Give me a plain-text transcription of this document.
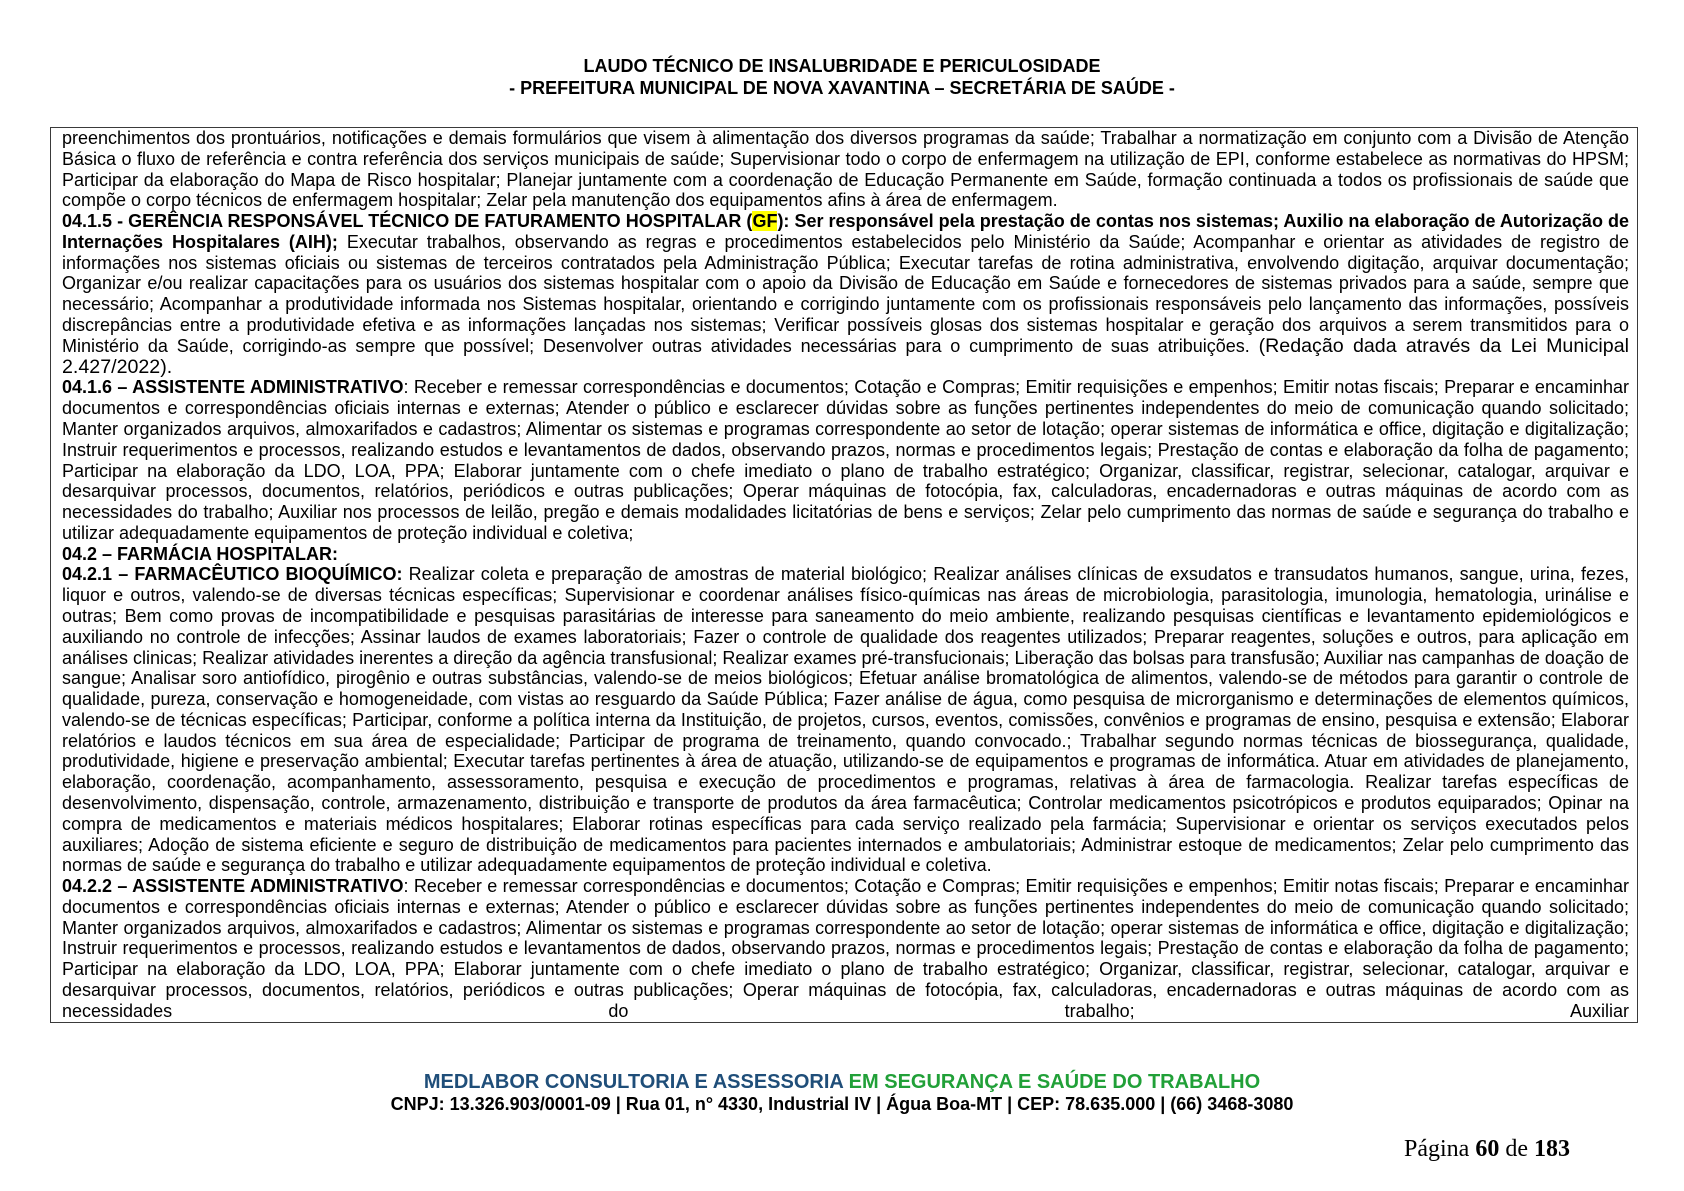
LAUDO TÉCNICO DE INSALUBRIDADE E PERICULOSIDADE
- PREFEITURA MUNICIPAL DE NOVA XAVANTINA – SECRETÁRIA DE SAÚDE -

preenchimentos dos prontuários, notificações e demais formulários que visem à alimentação dos diversos programas da saúde; Trabalhar a normatização em conjunto com a Divisão de Atenção Básica o fluxo de referência e contra referência dos serviços municipais de saúde; Supervisionar todo o corpo de enfermagem na utilização de EPI, conforme estabelece as normativas do HPSM; Participar da elaboração do Mapa de Risco hospitalar; Planejar juntamente com a coordenação de Educação Permanente em Saúde, formação continuada a todos os profissionais de saúde que compõe o corpo técnicos de enfermagem hospitalar; Zelar pela manutenção dos equipamentos afins à área de enfermagem.

04.1.5 - GERÊNCIA RESPONSÁVEL TÉCNICO DE FATURAMENTO HOSPITALAR (GF): Ser responsável pela prestação de contas nos sistemas; Auxilio na elaboração de Autorização de Internações Hospitalares (AIH); Executar trabalhos, observando as regras e procedimentos estabelecidos pelo Ministério da Saúde; Acompanhar e orientar as atividades de registro de informações nos sistemas oficiais ou sistemas de terceiros contratados pela Administração Pública; Executar tarefas de rotina administrativa, envolvendo digitação, arquivar documentação; Organizar e/ou realizar capacitações para os usuários dos sistemas hospitalar com o apoio da Divisão de Educação em Saúde e fornecedores de sistemas privados para a saúde, sempre que necessário; Acompanhar a produtividade informada nos Sistemas hospitalar, orientando e corrigindo juntamente com os profissionais responsáveis pelo lançamento das informações, possíveis discrepâncias entre a produtividade efetiva e as informações lançadas nos sistemas; Verificar possíveis glosas dos sistemas hospitalar e geração dos arquivos a serem transmitidos para o Ministério da Saúde, corrigindo-as sempre que possível; Desenvolver outras atividades necessárias para o cumprimento de suas atribuições. (Redação dada através da Lei Municipal 2.427/2022).

04.1.6 – ASSISTENTE ADMINISTRATIVO: Receber e remessar correspondências e documentos; Cotação e Compras; Emitir requisições e empenhos; Emitir notas fiscais; Preparar e encaminhar documentos e correspondências oficiais internas e externas; Atender o público e esclarecer dúvidas sobre as funções pertinentes independentes do meio de comunicação quando solicitado; Manter organizados arquivos, almoxarifados e cadastros; Alimentar os sistemas e programas correspondente ao setor de lotação; operar sistemas de informática e office, digitação e digitalização; Instruir requerimentos e processos, realizando estudos e levantamentos de dados, observando prazos, normas e procedimentos legais; Prestação de contas e elaboração da folha de pagamento; Participar na elaboração da LDO, LOA, PPA; Elaborar juntamente com o chefe imediato o plano de trabalho estratégico; Organizar, classificar, registrar, selecionar, catalogar, arquivar e desarquivar processos, documentos, relatórios, periódicos e outras publicações; Operar máquinas de fotocópia, fax, calculadoras, encadernadoras e outras máquinas de acordo com as necessidades do trabalho; Auxiliar nos processos de leilão, pregão e demais modalidades licitatórias de bens e serviços; Zelar pelo cumprimento das normas de saúde e segurança do trabalho e utilizar adequadamente equipamentos de proteção individual e coletiva;

04.2 – FARMÁCIA HOSPITALAR:

04.2.1 – FARMACÊUTICO BIOQUÍMICO: Realizar coleta e preparação de amostras de material biológico; Realizar análises clínicas de exsudatos e transudatos humanos, sangue, urina, fezes, liquor e outros, valendo-se de diversas técnicas específicas; Supervisionar e coordenar análises físico-químicas nas áreas de microbiologia, parasitologia, imunologia, hematologia, urinálise e outras; Bem como provas de incompatibilidade e pesquisas parasitárias de interesse para saneamento do meio ambiente, realizando pesquisas científicas e levantamento epidemiológicos e auxiliando no controle de infecções; Assinar laudos de exames laboratoriais; Fazer o controle de qualidade dos reagentes utilizados; Preparar reagentes, soluções e outros, para aplicação em análises clinicas; Realizar atividades inerentes a direção da agência transfusional; Realizar exames pré-transfucionais; Liberação das bolsas para transfusão; Auxiliar nas campanhas de doação de sangue; Analisar soro antiofídico, pirogênio e outras substâncias, valendo-se de meios biológicos; Efetuar análise bromatológica de alimentos, valendo-se de métodos para garantir o controle de qualidade, pureza, conservação e homogeneidade, com vistas ao resguardo da Saúde Pública; Fazer análise de água, como pesquisa de microrganismo e determinações de elementos químicos, valendo-se de técnicas específicas; Participar, conforme a política interna da Instituição, de projetos, cursos, eventos, comissões, convênios e programas de ensino, pesquisa e extensão; Elaborar relatórios e laudos técnicos em sua área de especialidade; Participar de programa de treinamento, quando convocado.; Trabalhar segundo normas técnicas de biossegurança, qualidade, produtividade, higiene e preservação ambiental; Executar tarefas pertinentes à área de atuação, utilizando-se de equipamentos e programas de informática. Atuar em atividades de planejamento, elaboração, coordenação, acompanhamento, assessoramento, pesquisa e execução de procedimentos e programas, relativas à área de farmacologia. Realizar tarefas específicas de desenvolvimento, dispensação, controle, armazenamento, distribuição e transporte de produtos da área farmacêutica; Controlar medicamentos psicotrópicos e produtos equiparados; Opinar na compra de medicamentos e materiais médicos hospitalares; Elaborar rotinas específicas para cada serviço realizado pela farmácia; Supervisionar e orientar os serviços executados pelos auxiliares; Adoção de sistema eficiente e seguro de distribuição de medicamentos para pacientes internados e ambulatoriais; Administrar estoque de medicamentos; Zelar pelo cumprimento das normas de saúde e segurança do trabalho e utilizar adequadamente equipamentos de proteção individual e coletiva.

04.2.2 – ASSISTENTE ADMINISTRATIVO: Receber e remessar correspondências e documentos; Cotação e Compras; Emitir requisições e empenhos; Emitir notas fiscais; Preparar e encaminhar documentos e correspondências oficiais internas e externas; Atender o público e esclarecer dúvidas sobre as funções pertinentes independentes do meio de comunicação quando solicitado; Manter organizados arquivos, almoxarifados e cadastros; Alimentar os sistemas e programas correspondente ao setor de lotação; operar sistemas de informática e office, digitação e digitalização; Instruir requerimentos e processos, realizando estudos e levantamentos de dados, observando prazos, normas e procedimentos legais; Prestação de contas e elaboração da folha de pagamento; Participar na elaboração da LDO, LOA, PPA; Elaborar juntamente com o chefe imediato o plano de trabalho estratégico; Organizar, classificar, registrar, selecionar, catalogar, arquivar e desarquivar processos, documentos, relatórios, periódicos e outras publicações; Operar máquinas de fotocópia, fax, calculadoras, encadernadoras e outras máquinas de acordo com as necessidades do trabalho; Auxiliar

MEDLABOR CONSULTORIA E ASSESSORIA EM SEGURANÇA E SAÚDE DO TRABALHO
CNPJ: 13.326.903/0001-09 | Rua 01, n° 4330, Industrial IV | Água Boa-MT | CEP: 78.635.000 | (66) 3468-3080
Página 60 de 183
